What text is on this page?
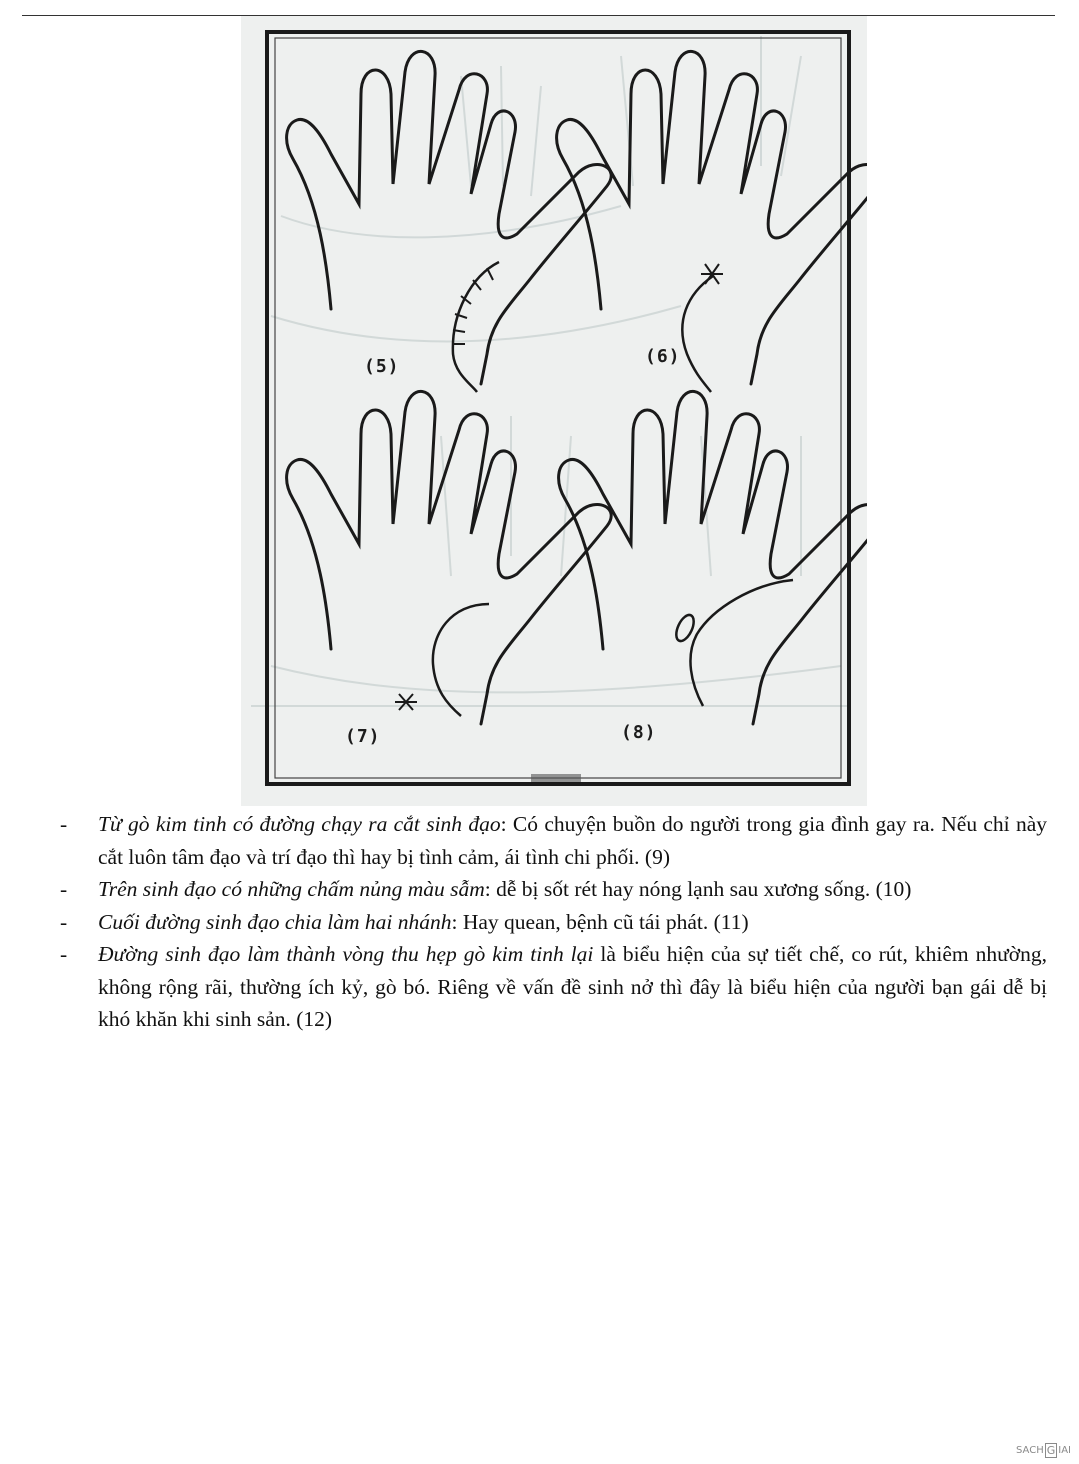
(5)	(6)
(7)	(8)
- Từ gò kim tinh có đường chạy ra cắt sinh đạo: Có chuyện buồn do người trong gia đình gay ra. Nếu chỉ này cắt luôn tâm đạo và trí đạo thì hay bị tình cảm, ái tình chi phối. (9)
- Trên sinh đạo có những chấm nủng màu sẫm: dễ bị sốt rét hay nóng lạnh sau xương sống. (10)
- Cuối đường sinh đạo chia làm hai nhánh: Hay quean, bệnh cũ tái phát. (11)
- Đường sinh đạo làm thành vòng thu hẹp gò kim tinh lại là biểu hiện của sự tiết chế, co rút, khiêm nhường, không rộng rãi, thường ích kỷ, gò bó. Riêng về vấn đề sinh nở thì đây là biểu hiện của người bạn gái dễ bị khó khăn khi sinh sản. (12)
SACH G IAI
